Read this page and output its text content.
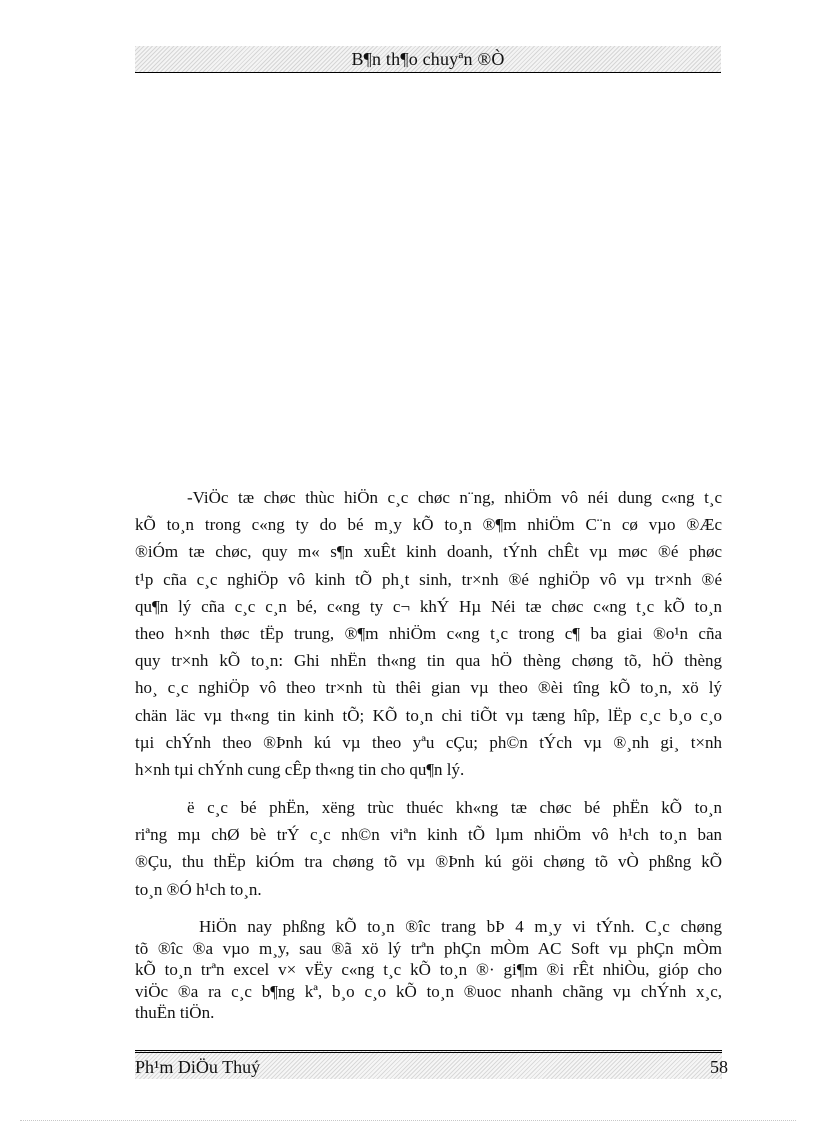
B¶n th¶o chuyªn ®Ò

-ViÖc tæ chøc thùc hiÖn c¸c chøc n¨ng, nhiÖm vô néi dung c«ng t¸c
kÕ to¸n trong c«ng ty do bé m¸y kÕ to¸n ®¶m nhiÖm C¨n cø vµo ®Æc
®iÓm tæ chøc, quy m« s¶n xuÊt kinh doanh, tÝnh chÊt vµ møc ®é phøc
t¹p cña c¸c nghiÖp vô kinh tÕ ph¸t sinh, tr×nh ®é nghiÖp vô vµ tr×nh ®é
qu¶n lý cña c¸c c¸n bé, c«ng ty c¬ khÝ Hµ Néi tæ chøc c«ng t¸c kÕ to¸n
theo h×nh thøc tËp trung, ®¶m nhiÖm c«ng t¸c trong c¶ ba giai ®o¹n cña
quy tr×nh kÕ to¸n: Ghi nhËn th«ng tin qua hÖ thèng chøng tõ, hÖ thèng
ho¸ c¸c nghiÖp vô theo tr×nh tù thêi gian vµ theo ®èi tîng kÕ to¸n, xö lý
chän läc vµ th«ng tin kinh tÕ; KÕ to¸n chi tiÕt vµ tæng hîp, lËp c¸c b¸o c¸o
tµi chÝnh theo ®Þnh kú vµ theo yªu cÇu; ph©n tÝch vµ ®¸nh gi¸ t×nh
h×nh tµi chÝnh cung cÊp th«ng tin cho qu¶n lý.

ë c¸c bé phËn, xëng trùc thuéc kh«ng tæ chøc bé phËn kÕ to¸n
riªng mµ chØ bè trÝ c¸c nh©n viªn kinh tÕ lµm nhiÖm vô h¹ch to¸n ban
®Çu, thu thËp kiÓm tra chøng tõ vµ ®Þnh kú göi chøng tõ vÒ phßng kÕ
to¸n ®Ó h¹ch to¸n.

HiÖn nay phßng kÕ to¸n ®îc trang bÞ 4 m¸y vi tÝnh. C¸c chøng
tõ ®îc ®a vµo m¸y, sau ®ã xö lý trªn phÇn mÒm AC Soft vµ phÇn mÒm
kÕ to¸n trªn excel v× vËy c«ng t¸c kÕ to¸n ®· gi¶m ®i rÊt nhiÒu, gióp cho
viÖc ®a ra c¸c b¶ng kª, b¸o c¸o kÕ to¸n ®uoc nhanh chãng vµ chÝnh x¸c,
thuËn tiÖn.

Ph¹m DiÖu Thuý	58
